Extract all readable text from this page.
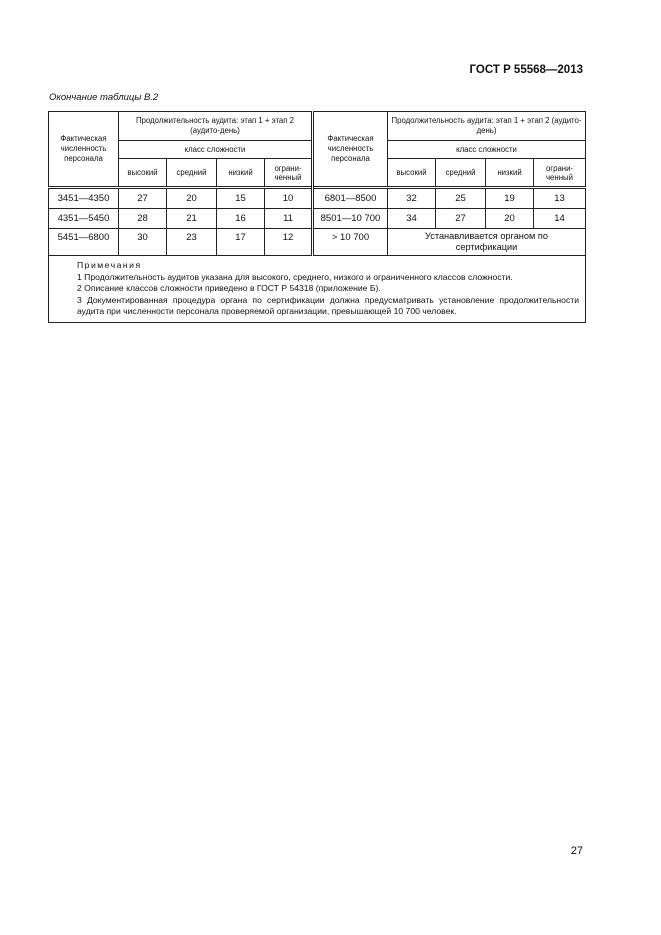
ГОСТ Р 55568—2013
Окончание таблицы В.2
Фактическая численность персонала	Продолжительность аудита: этап 1 + этап 2 (аудито-день)				Фактическая численность персонала	Продолжительность аудита: этап 1 + этап 2 (аудито-день)			
	класс сложности					класс сложности			
	высокий	средний	низкий	ограни-ченный		высокий	средний	низкий	ограни-ченный
3451—4350	27	20	15	10	6801—8500	32	25	19	13
4351—5450	28	21	16	11	8501—10 700	34	27	20	14
5451—6800	30	23	17	12	> 10 700	Устанавливается органом по сертификации			

Примечания
1 Продолжительность аудитов указана для высокого, среднего, низкого и ограниченного классов сложности.
2 Описание классов сложности приведено в ГОСТ Р 54318 (приложение Б).
3 Документированная процедура органа по сертификации должна предусматривать установление продолжительности аудита при численности персонала проверяемой организации, превышающей 10 700 человек.									
27
